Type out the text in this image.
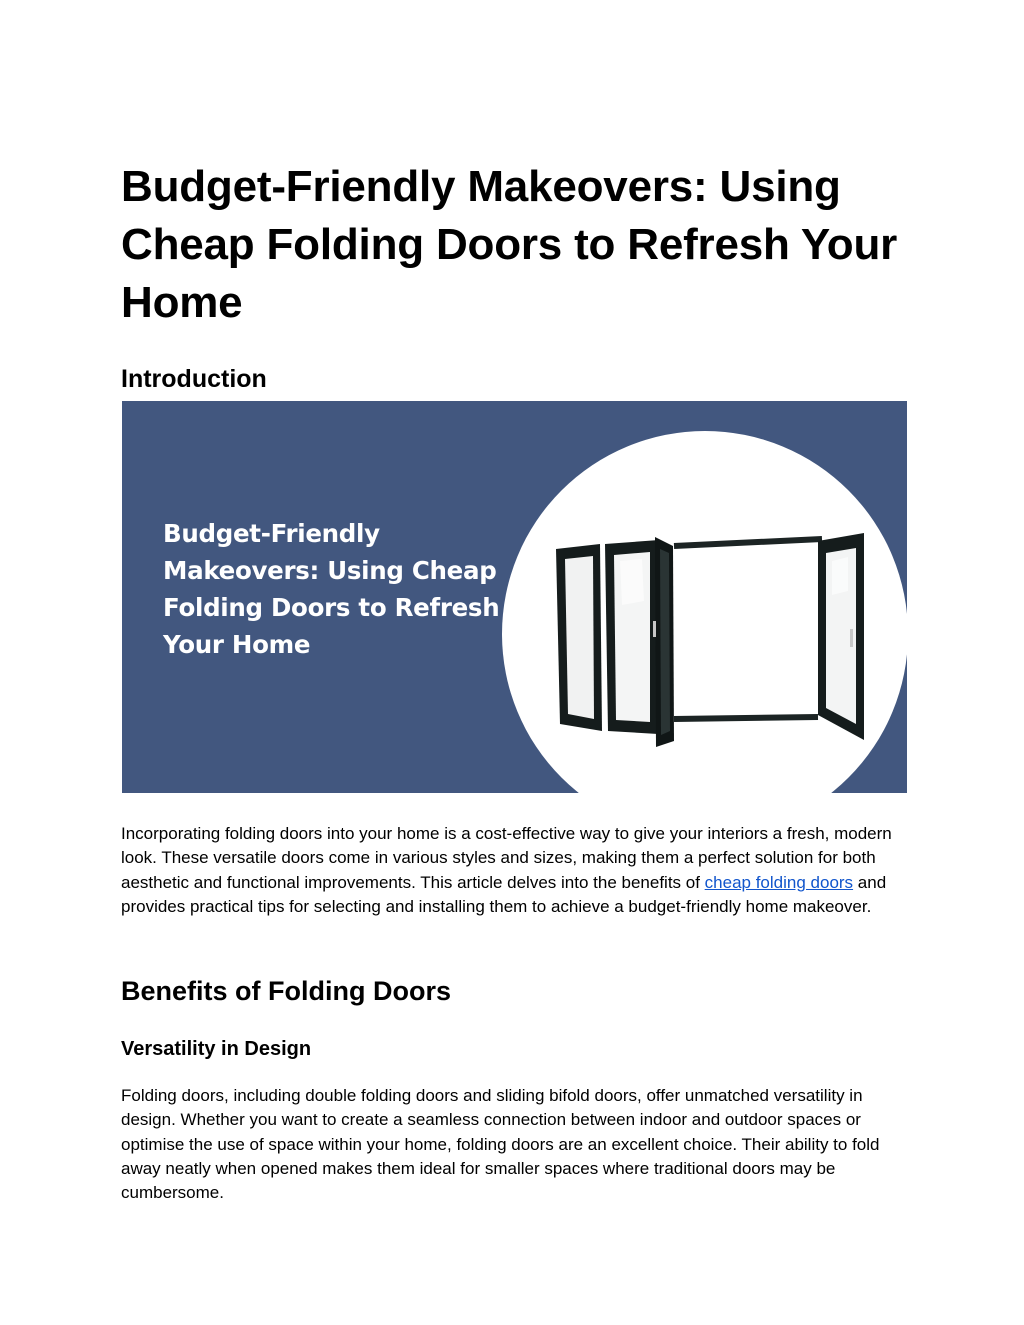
Budget-Friendly Makeovers: Using Cheap Folding Doors to Refresh Your Home
Introduction
Budget-Friendly Makeovers: Using Cheap Folding Doors to Refresh Your Home

Incorporating folding doors into your home is a cost-effective way to give your interiors a fresh, modern look. These versatile doors come in various styles and sizes, making them a perfect solution for both aesthetic and functional improvements. This article delves into the benefits of cheap folding doors and provides practical tips for selecting and installing them to achieve a budget-friendly home makeover.

Benefits of Folding Doors
Versatility in Design

Folding doors, including double folding doors and sliding bifold doors, offer unmatched versatility in design. Whether you want to create a seamless connection between indoor and outdoor spaces or optimise the use of space within your home, folding doors are an excellent choice. Their ability to fold away neatly when opened makes them ideal for smaller spaces where traditional doors may be cumbersome.
